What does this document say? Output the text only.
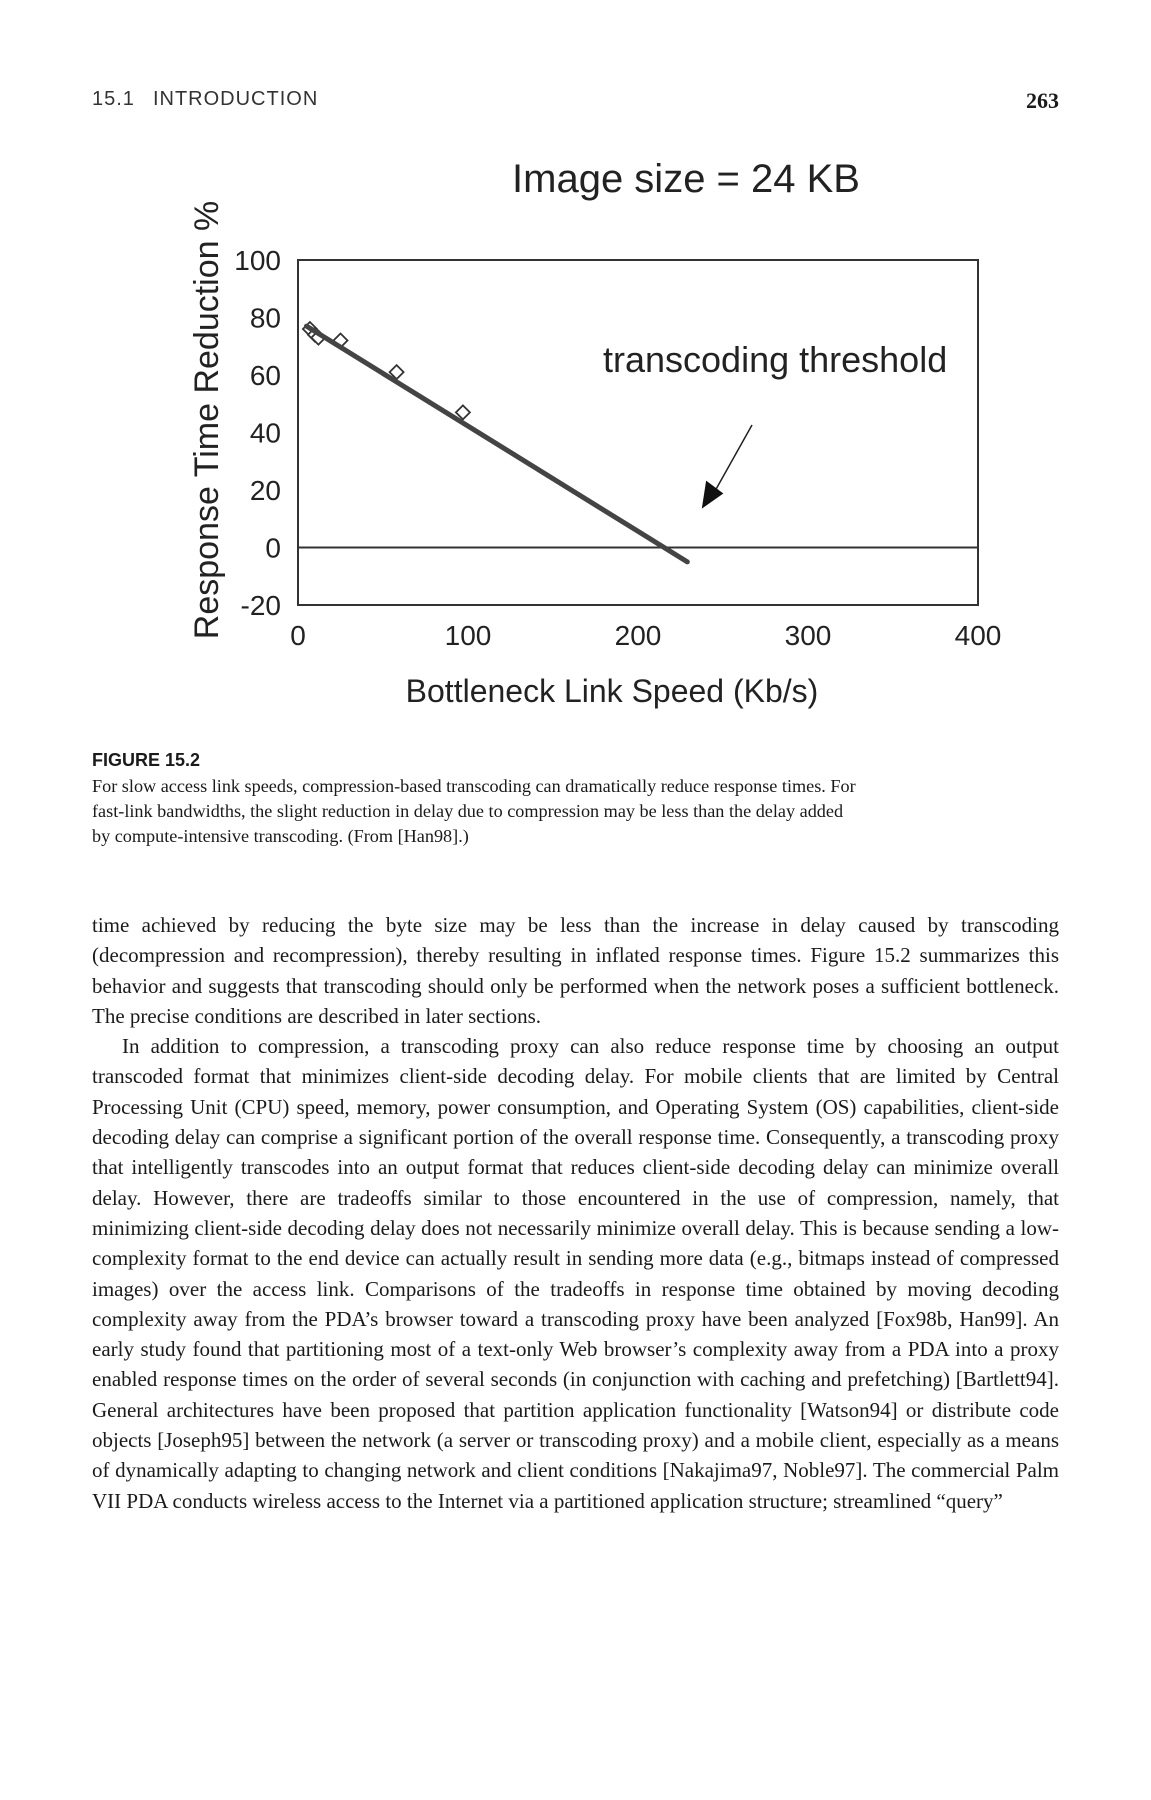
15.1 INTRODUCTION	263
Image size = 24 KB
100
80
60
40
20
0
-20
0	100	200	300	400
Response Time Reduction %
Bottleneck Link Speed (Kb/s)
transcoding threshold
FIGURE 15.2
For slow access link speeds, compression-based transcoding can dramatically reduce response times. For
fast-link bandwidths, the slight reduction in delay due to compression may be less than the delay added
by compute-intensive transcoding. (From [Han98].)

time achieved by reducing the byte size may be less than the increase in delay caused by transcoding (decompression and recompression), thereby resulting in inflated response times. Figure 15.2 summarizes this behavior and suggests that transcoding should only be performed when the network poses a sufficient bottleneck. The precise conditions are described in later sections.

In addition to compression, a transcoding proxy can also reduce response time by choosing an output transcoded format that minimizes client-side decoding delay. For mobile clients that are limited by Central Processing Unit (CPU) speed, memory, power consumption, and Operating System (OS) capabilities, client-side decoding delay can comprise a significant portion of the overall response time. Consequently, a transcoding proxy that intelligently transcodes into an output format that reduces client-side decoding delay can minimize overall delay. However, there are tradeoffs similar to those encountered in the use of compression, namely, that minimizing client-side decoding delay does not necessarily minimize overall delay. This is because sending a low-complexity format to the end device can actually result in sending more data (e.g., bitmaps instead of compressed images) over the access link. Comparisons of the tradeoffs in response time obtained by moving decoding complexity away from the PDA’s browser toward a transcoding proxy have been analyzed [Fox98b, Han99]. An early study found that partitioning most of a text-only Web browser’s complexity away from a PDA into a proxy enabled response times on the order of several seconds (in conjunction with caching and prefetching) [Bartlett94]. General architectures have been proposed that partition application functionality [Watson94] or distribute code objects [Joseph95] between the network (a server or transcoding proxy) and a mobile client, especially as a means of dynamically adapting to changing network and client conditions [Nakajima97, Noble97]. The commercial Palm VII PDA conducts wireless access to the Internet via a partitioned application structure; streamlined “query”
